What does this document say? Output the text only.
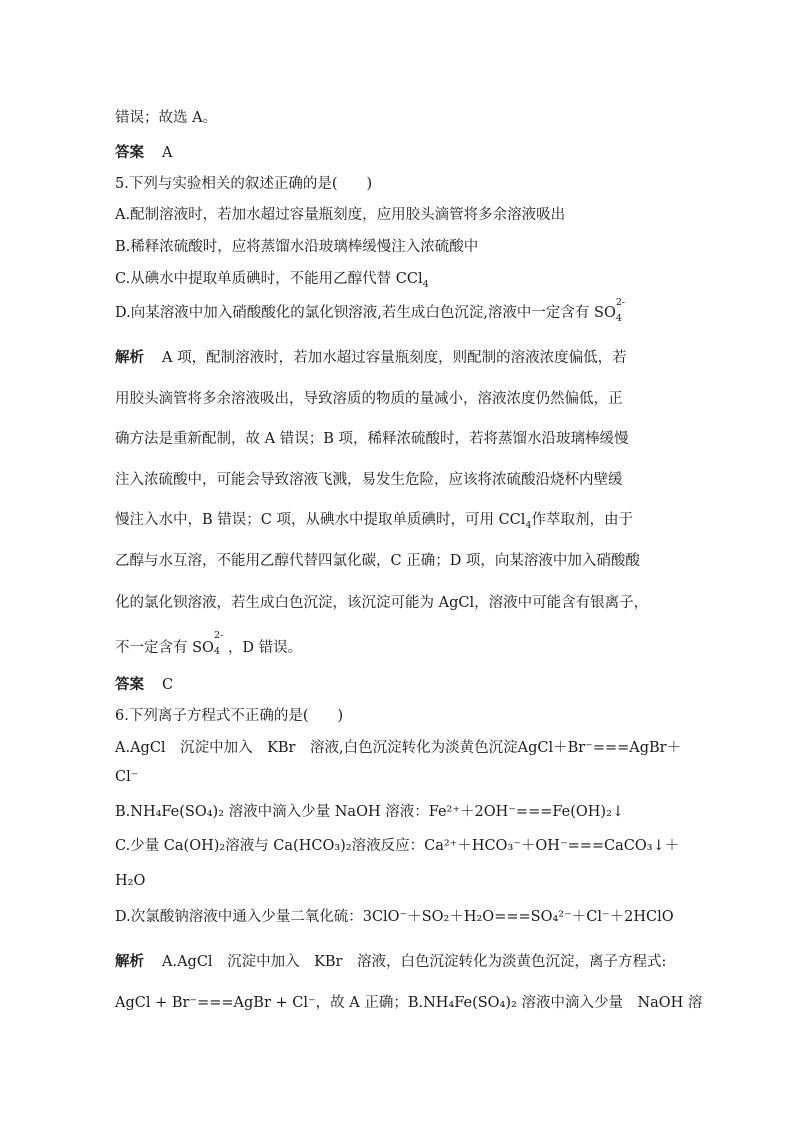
错误；故选 A。
答案 A
5.下列与实验相关的叙述正确的是(　　)
A.配制溶液时，若加水超过容量瓶刻度，应用胶头滴管将多余溶液吸出
B.稀释浓硫酸时，应将蒸馏水沿玻璃棒缓慢注入浓硫酸中
C.从碘水中提取单质碘时，不能用乙醇代替 CCl$_4$
D.向某溶液中加入硝酸酸化的氯化钡溶液,若生成白色沉淀,溶液中一定含有 SO
2-
4
解析 A 项，配制溶液时，若加水超过容量瓶刻度，则配制的溶液浓度偏低，若
用胶头滴管将多余溶液吸出，导致溶质的物质的量减小，溶液浓度仍然偏低，正
确方法是重新配制，故 A 错误；B 项，稀释浓硫酸时，若将蒸馏水沿玻璃棒缓慢
注入浓硫酸中，可能会导致溶液飞溅，易发生危险，应该将浓硫酸沿烧杯内壁缓
慢注入水中，B 错误；C 项，从碘水中提取单质碘时，可用 CCl$_4$作萃取剂，由于
乙醇与水互溶，不能用乙醇代替四氯化碳，C 正确；D 项，向某溶液中加入硝酸酸
化的氯化钡溶液，若生成白色沉淀，该沉淀可能为 AgCl，溶液中可能含有银离子，
不一定含有 SO
2-
4 ，D 错误。
答案 C
6.下列离子方程式不正确的是(　　)
A.AgCl　沉淀中加入　KBr　溶液,白色沉淀转化为淡黄色沉淀AgCl＋Br⁻===AgBr＋
Cl⁻
B.NH₄Fe(SO₄)₂ 溶液中滴入少量 NaOH 溶液：Fe²⁺＋2OH⁻===Fe(OH)₂↓
C.少量 Ca(OH)₂溶液与 Ca(HCO₃)₂溶液反应：Ca²⁺＋HCO₃⁻＋OH⁻===CaCO₃↓＋
H₂O
D.次氯酸钠溶液中通入少量二氧化硫：3ClO⁻＋SO₂＋H₂O===SO₄²⁻＋Cl⁻＋2HClO
解析 A.AgCl　沉淀中加入　KBr　溶液，白色沉淀转化为淡黄色沉淀，离子方程式:
AgCl + Br⁻===AgBr + Cl⁻，故 A 正确；B.NH₄Fe(SO₄)₂ 溶液中滴入少量　NaOH 溶
